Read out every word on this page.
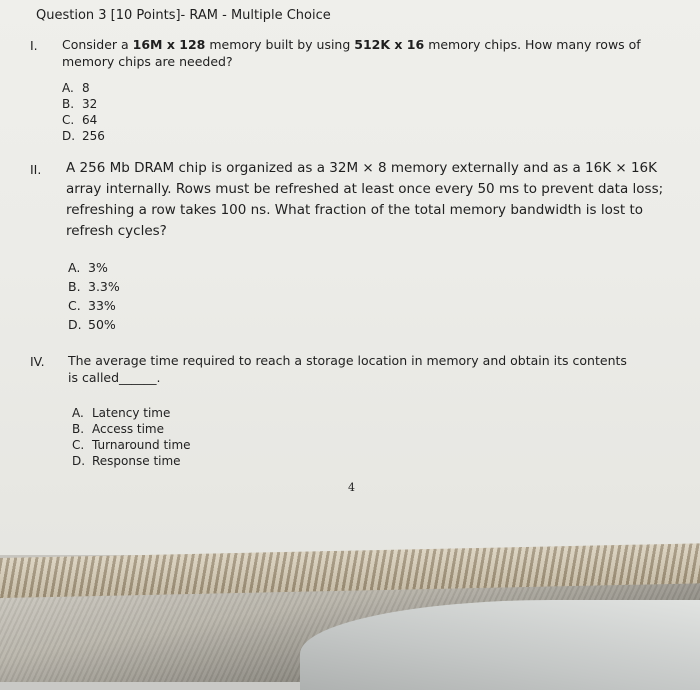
Question 3 [10 Points]- RAM - Multiple Choice
I. Consider a 16M x 128 memory built by using 512K x 16 memory chips. How many rows of memory chips are needed?
A. 8
B. 32
C. 64
D. 256
II. A 256 Mb DRAM chip is organized as a 32M × 8 memory externally and as a 16K × 16K array internally. Rows must be refreshed at least once every 50 ms to prevent data loss; refreshing a row takes 100 ns. What fraction of the total memory bandwidth is lost to refresh cycles?
A. 3%
B. 3.3%
C. 33%
D. 50%
IV. The average time required to reach a storage location in memory and obtain its contents is called______.
A. Latency time
B. Access time
C. Turnaround time
D. Response time
4
